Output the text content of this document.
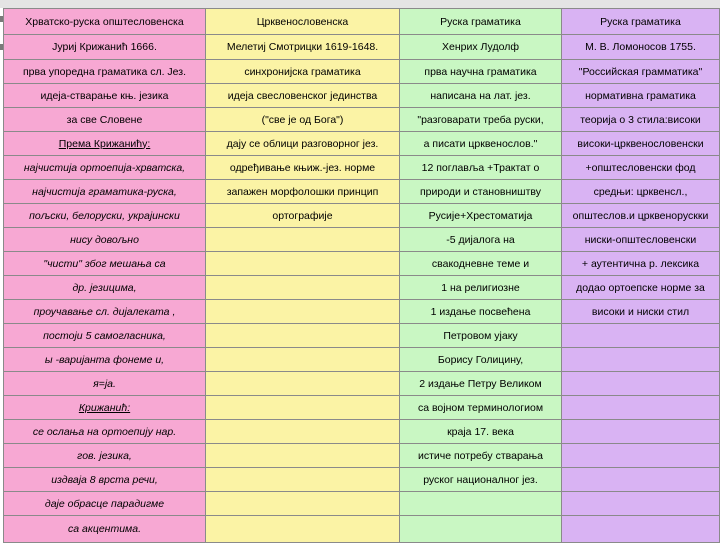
Хрватско-руска општесловенска	Црквенословенска	Руска граматика	Руска граматика
Јуриј Крижанић 1666.	Мелетиј Смотрицки 1619-1648.	Хенрих Лудолф	М. В. Ломоносов 1755.
прва упоредна граматика сл. Јез.	синхронијска граматика	прва научна граматика	"Российская грамматика"
идеја-стварање књ. језика	идеја свесловенског јединства	написана на лат. јез.	нормативна граматика
за све Словене	("све је од Бога")	"разговарати треба руски,	теорија о 3 стила:високи
Према Крижанићу:	дају се облици разговорног јез.	а писати црквенослов."	високи-црквенословенски
најчистија ортоепија-хрватска,	одређивање књиж.-јез. норме	12 поглавља +Трактат о	+општесловенски фод
најчистија граматика-руска,	запажен морфолошки принцип	природи и становништву	средњи: црквенсл.,
пољски, белоруски, украјински	ортографије	Русије+Хрестоматија	општеслов.и црквенорускки
нису довољно		-5 дијалога на	ниски-општесловенски
"чисти" због мешања са		свакодневне теме и	+ аутентична р. лексика
др. језицима,		1 на религиозне	додао ортоепске норме за
проучавање сл. дијалеката ,		1 издање посвећена	високи и ниски стил
постоји 5 самогласника,		Петровом ујаку	
ы -варијанта фонеме и,		Борису Голицину,	
я=ја.		2 издање Петру Великом	
Крижанић:		са војном терминологиом	
се ослања на ортоепију нар.		краја 17. века	
гов. језика,		истиче потребу стварања	
издваја 8 врста речи,		руског националног јез.	
даје обрасце парадигме			
са акцентима.			
